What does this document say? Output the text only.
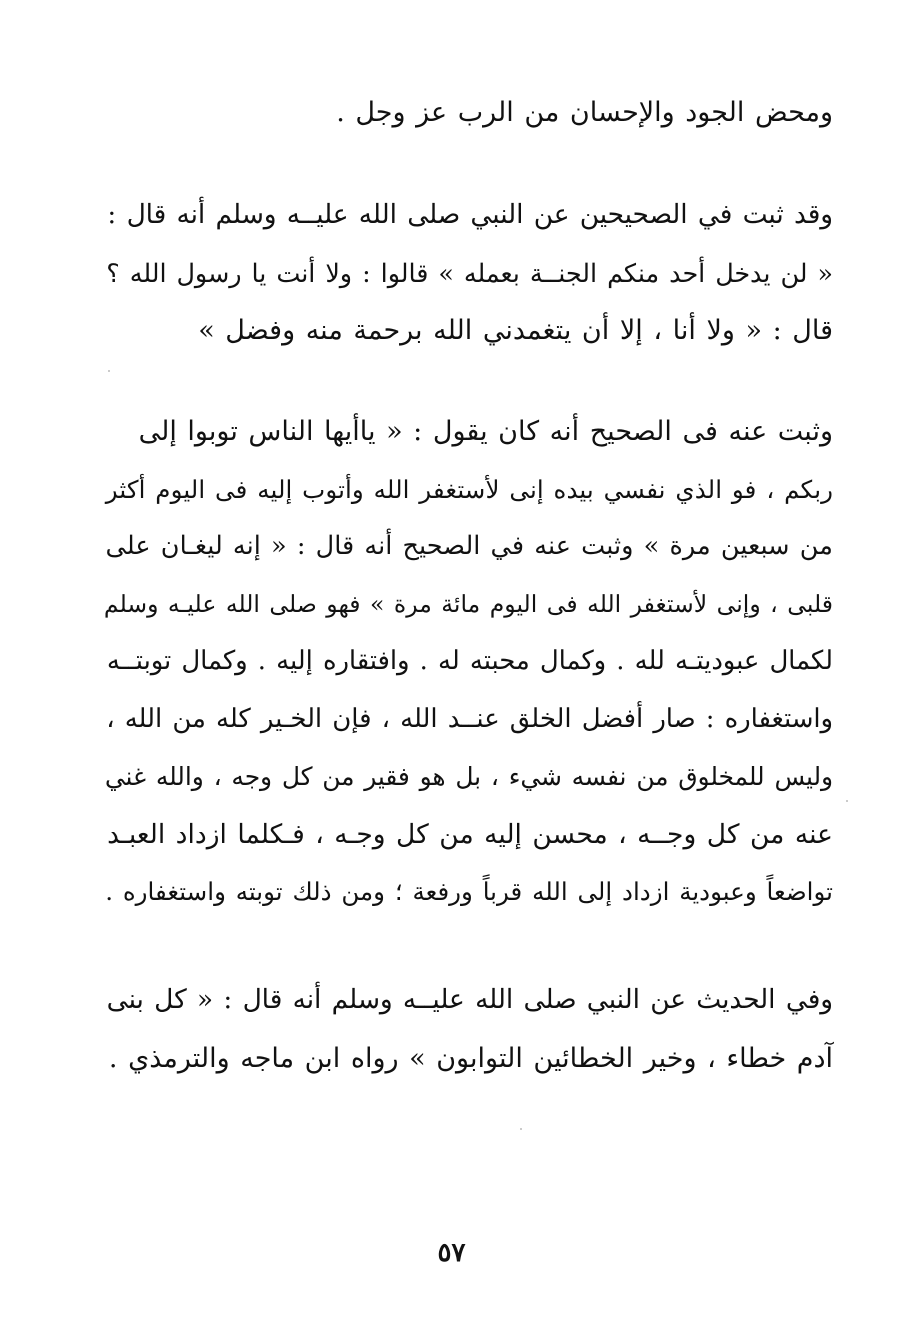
ومحض الجود والإحسان من الرب عز وجل .
وقد ثبت في الصحيحين عن النبي صلى الله عليــه وسلم أنه قال :
« لن يدخل أحد منكم الجنــة بعمله » قالوا : ولا أنت يا رسول الله ؟
قال : « ولا أنا ، إلا أن يتغمدني الله برحمة منه وفضل »
وثبت عنه فى الصحيح أنه كان يقول : « ياأيها الناس توبوا إلى
ربكم ، فو الذي نفسي بيده إنى لأستغفر الله وأتوب إليه فى اليوم أكثر
من سبعين مرة » وثبت عنه في الصحيح أنه قال : « إنه ليغـان على
قلبى ، وإنى لأستغفر الله فى اليوم مائة مرة » فهو صلى الله عليـه وسلم
لكمال عبوديتـه لله . وكمال محبته له . وافتقاره إليه . وكمال توبتــه
واستغفاره : صار أفضل الخلق عنــد الله ، فإن الخـير كله من الله ،
وليس للمخلوق من نفسه شيء ، بل هو فقير من كل وجه ، والله غني
عنه من كل وجــه ، محسن إليه من كل وجـه ، فـكلما ازداد العبـد
تواضعاً وعبودية ازداد إلى الله قرباً ورفعة ؛ ومن ذلك توبته واستغفاره .
وفي الحديث عن النبي صلى الله عليــه وسلم أنه قال : « كل بنى
آدم خطاء ، وخير الخطائين التوابون » رواه ابن ماجه والترمذي .
٥٧
